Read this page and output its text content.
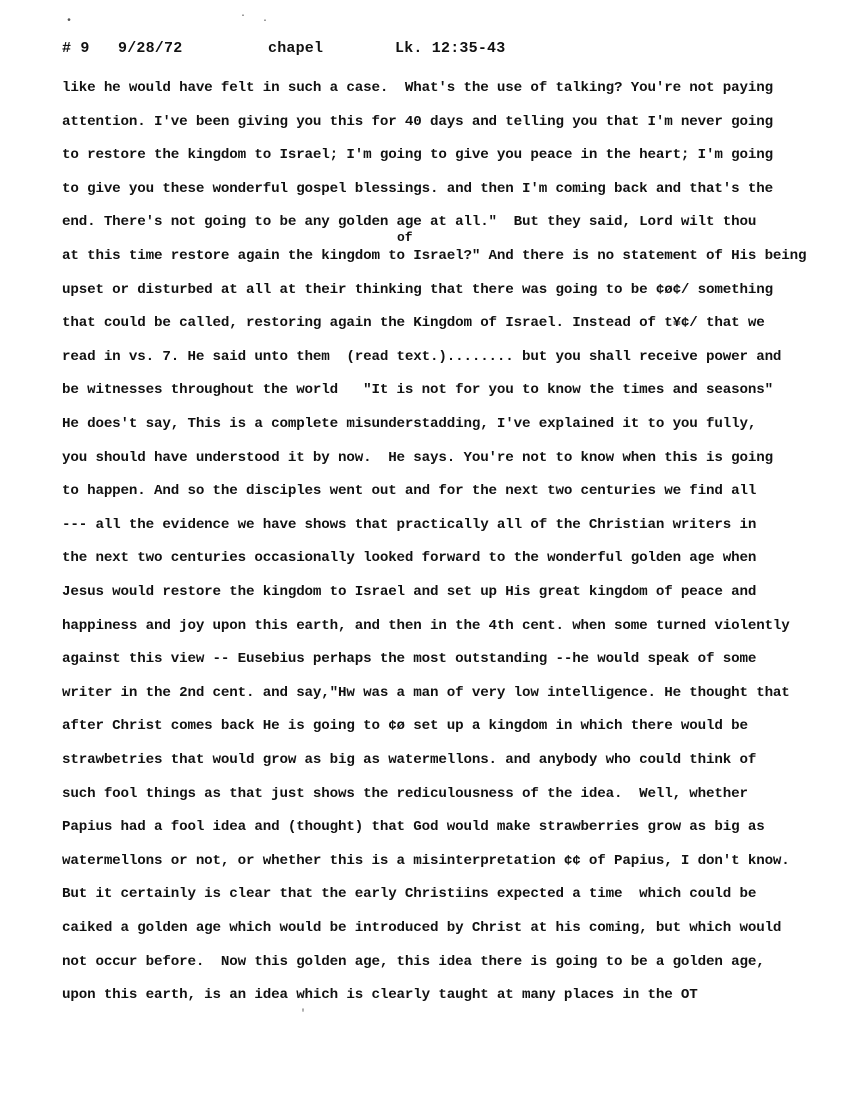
•	· ·
'

# 9

9/28/72

	chapel

	Lk. 12:35-43

like he would have felt in such a case.  What's the use of talking? You're not paying
attention. I've been giving you this for 40 days and telling you that I'm never going
to restore the kingdom to Israel; I'm going to give you peace in the heart; I'm going
to give you these wonderful gospel blessings. and then I'm coming back and that's the
end. There's not going to be any golden age at all."  But they said, Lord wilt thou
of
at this time restore again the kingdom to Israel?" And there is no statement of His being
upset or disturbed at all at their thinking that there was going to be ¢ø¢/ something
that could be called, restoring again the Kingdom of Israel. Instead of t¥¢/ that we
read in vs. 7. He said unto them  (read text.)........ but you shall receive power and
be witnesses throughout the world   "It is not for you to know the times and seasons"
He does't say, This is a complete misunderstadding, I've explained it to you fully,
you should have understood it by now.  He says. You're not to know when this is going
to happen. And so the disciples went out and for the next two centuries we find all
--- all the evidence we have shows that practically all of the Christian writers in
the next two centuries occasionally looked forward to the wonderful golden age when
Jesus would restore the kingdom to Israel and set up His great kingdom of peace and
happiness and joy upon this earth, and then in the 4th cent. when some turned violently
against this view -- Eusebius perhaps the most outstanding --he would speak of some
writer in the 2nd cent. and say,"Hw was a man of very low intelligence. He thought that
after Christ comes back He is going to ¢ø set up a kingdom in which there would be
strawbetries that would grow as big as watermellons. and anybody who could think of
such fool things as that just shows the rediculousness of the idea.  Well, whether
Papius had a fool idea and (thought) that God would make strawberries grow as big as
watermellons or not, or whether this is a misinterpretation ¢¢ of Papius, I don't know.
But it certainly is clear that the early Christiins expected a time  which could be
caiked a golden age which would be introduced by Christ at his coming, but which would
not occur before.  Now this golden age, this idea there is going to be a golden age,
upon this earth, is an idea which is clearly taught at many places in the OT
